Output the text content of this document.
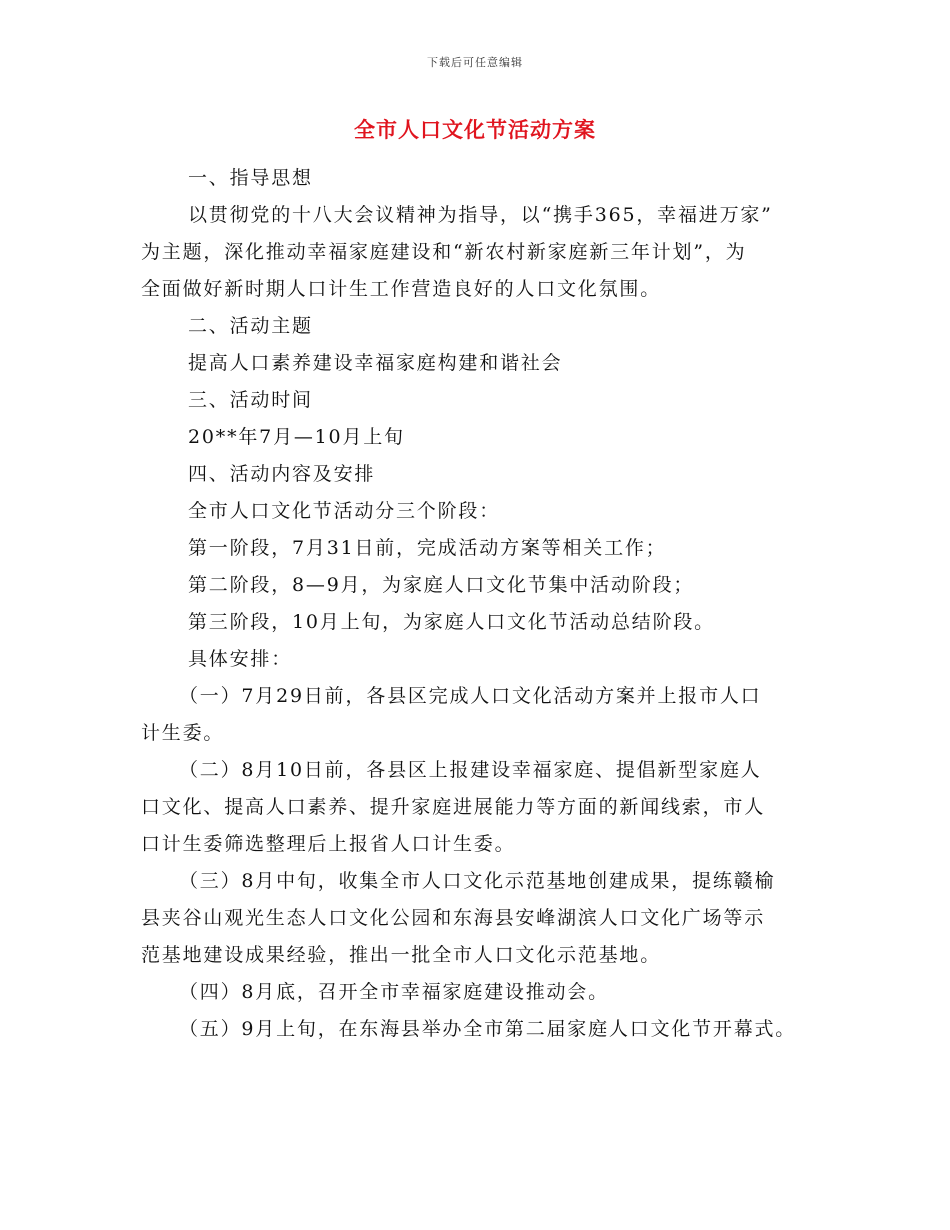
下载后可任意编辑
全市人口文化节活动方案
一、指导思想
以贯彻党的十八大会议精神为指导，以“携手365，幸福进万家”
为主题，深化推动幸福家庭建设和“新农村新家庭新三年计划”，为
全面做好新时期人口计生工作营造良好的人口文化氛围。
二、活动主题
提高人口素养建设幸福家庭构建和谐社会
三、活动时间
20**年7月—10月上旬
四、活动内容及安排
全市人口文化节活动分三个阶段：
第一阶段，7月31日前，完成活动方案等相关工作；
第二阶段，8—9月，为家庭人口文化节集中活动阶段；
第三阶段，10月上旬，为家庭人口文化节活动总结阶段。
具体安排：
（一）7月29日前，各县区完成人口文化活动方案并上报市人口
计生委。
（二）8月10日前，各县区上报建设幸福家庭、提倡新型家庭人
口文化、提高人口素养、提升家庭进展能力等方面的新闻线索，市人
口计生委筛选整理后上报省人口计生委。
（三）8月中旬，收集全市人口文化示范基地创建成果，提练赣榆
县夹谷山观光生态人口文化公园和东海县安峰湖滨人口文化广场等示
范基地建设成果经验，推出一批全市人口文化示范基地。
（四）8月底，召开全市幸福家庭建设推动会。
（五）9月上旬，在东海县举办全市第二届家庭人口文化节开幕式。
